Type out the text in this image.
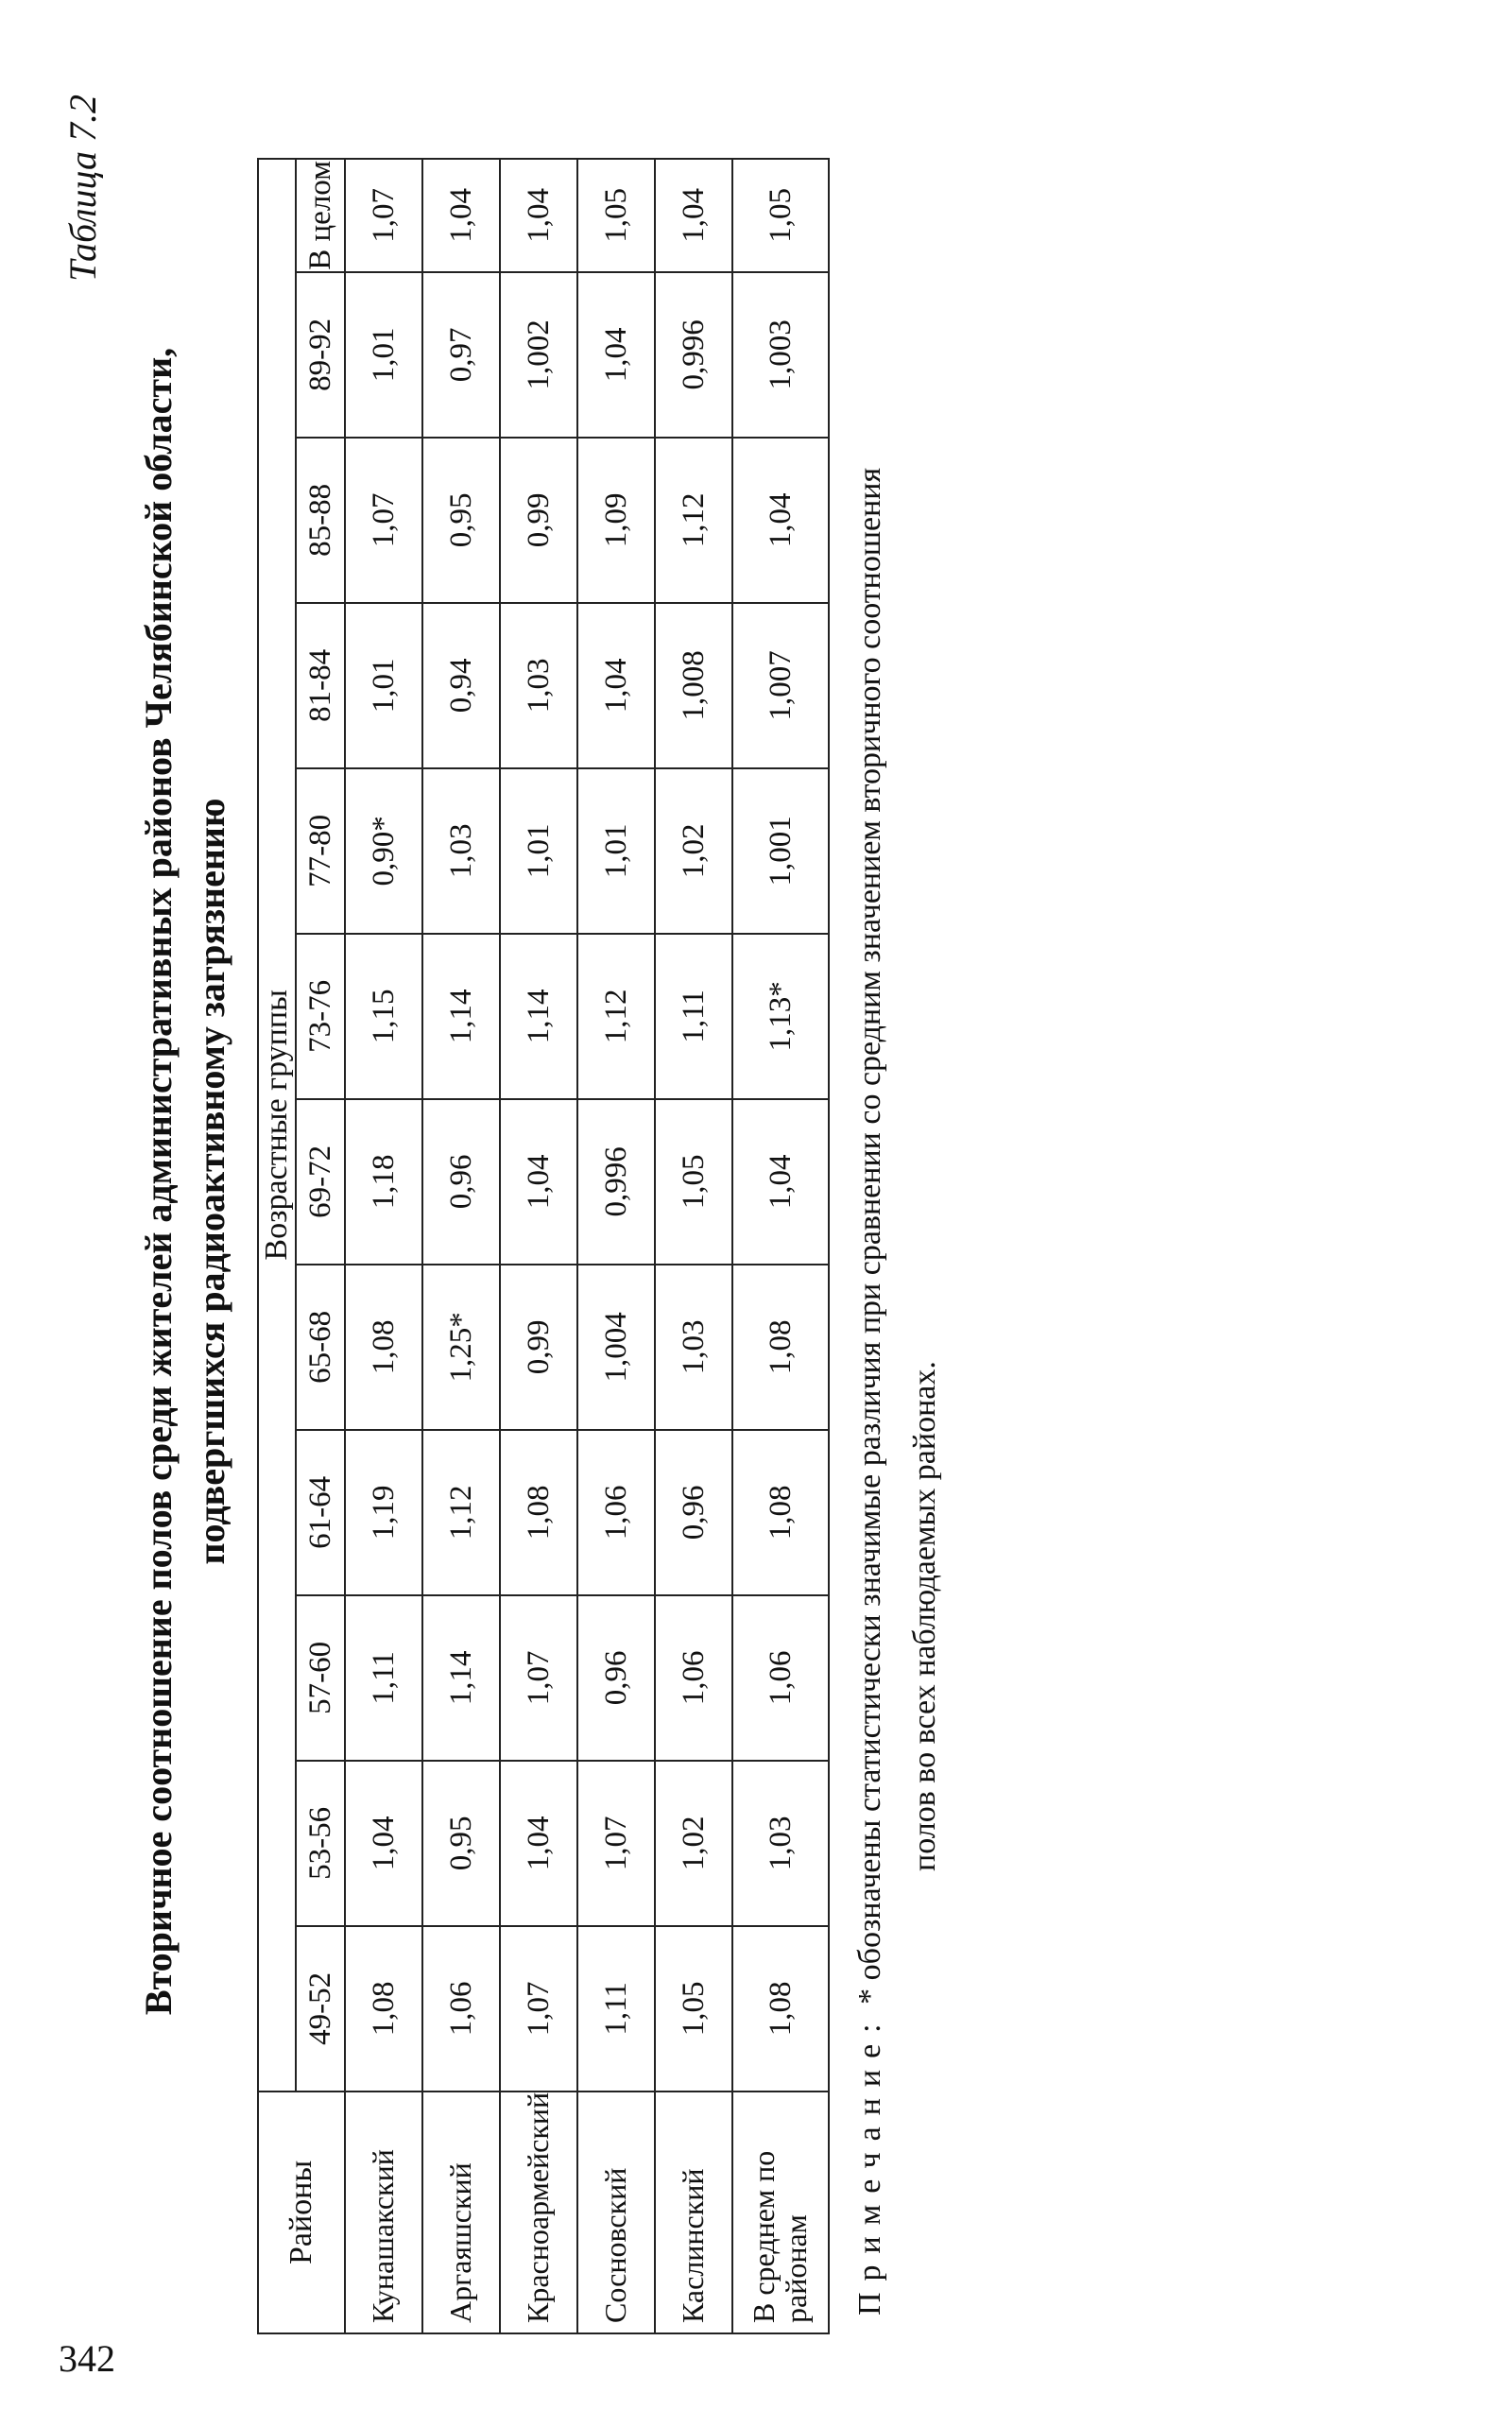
342
Таблица 7.2
Вторичное соотношение полов среди жителей административных районов Челябинской области, подвергшихся радиоактивному загрязнению
Районы	Возрастные группы											
	49-52	53-56	57-60	61-64	65-68	69-72	73-76	77-80	81-84	85-88	89-92	В целом
Кунашакский	1,08	1,04	1,11	1,19	1,08	1,18	1,15	0,90*	1,01	1,07	1,01	1,07
Аргаяшский	1,06	0,95	1,14	1,12	1,25*	0,96	1,14	1,03	0,94	0,95	0,97	1,04
Красноармейский	1,07	1,04	1,07	1,08	0,99	1,04	1,14	1,01	1,03	0,99	1,002	1,04
Сосновский	1,11	1,07	0,96	1,06	1,004	0,996	1,12	1,01	1,04	1,09	1,04	1,05
Каслинский	1,05	1,02	1,06	0,96	1,03	1,05	1,11	1,02	1,008	1,12	0,996	1,04
В среднем по районам	1,08	1,03	1,06	1,08	1,08	1,04	1,13*	1,001	1,007	1,04	1,003	1,05
Примечание: * обозначены статистически значимые различия при сравнении со средним значением вторичного соотношения полов во всех наблюдаемых районах.
